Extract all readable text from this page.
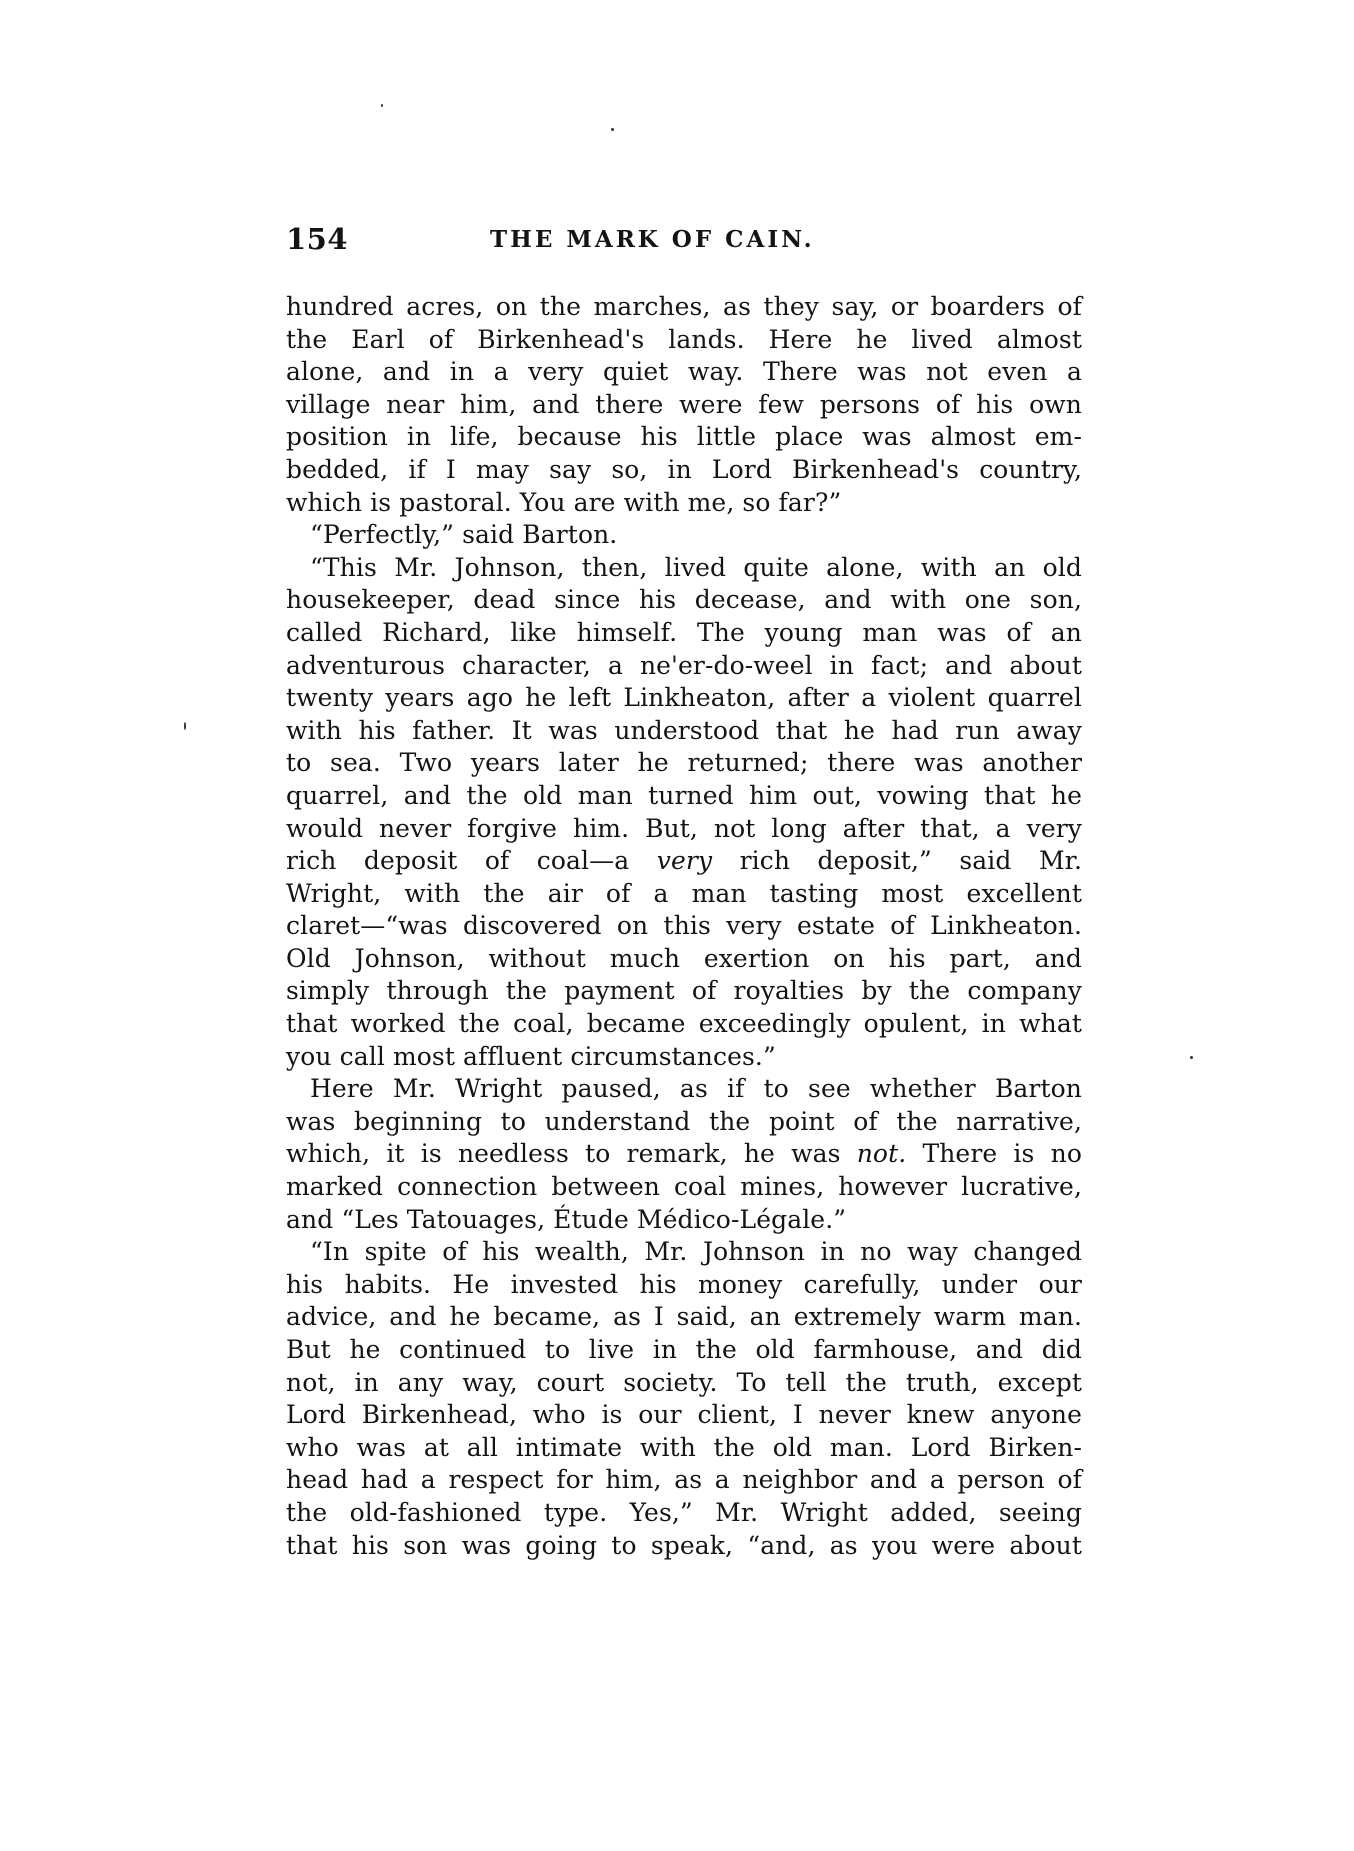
154	THE MARK OF CAIN.
hundred acres, on the marches, as they say, or boarders of
the Earl of Birkenhead's lands. Here he lived almost
alone, and in a very quiet way. There was not even a
village near him, and there were few persons of his own
position in life, because his little place was almost em-
bedded, if I may say so, in Lord Birkenhead's country,
which is pastoral. You are with me, so far?”
“Perfectly,” said Barton.
“This Mr. Johnson, then, lived quite alone, with an old
housekeeper, dead since his decease, and with one son,
called Richard, like himself. The young man was of an
adventurous character, a ne'er-do-weel in fact; and about
twenty years ago he left Linkheaton, after a violent quarrel
with his father. It was understood that he had run away
to sea. Two years later he returned; there was another
quarrel, and the old man turned him out, vowing that he
would never forgive him. But, not long after that, a very
rich deposit of coal—a very rich deposit,” said Mr.
Wright, with the air of a man tasting most excellent
claret—“was discovered on this very estate of Linkheaton.
Old Johnson, without much exertion on his part, and
simply through the payment of royalties by the company
that worked the coal, became exceedingly opulent, in what
you call most affluent circumstances.”
Here Mr. Wright paused, as if to see whether Barton
was beginning to understand the point of the narrative,
which, it is needless to remark, he was not. There is no
marked connection between coal mines, however lucrative,
and “Les Tatouages, Étude Médico-Légale.”
“In spite of his wealth, Mr. Johnson in no way changed
his habits. He invested his money carefully, under our
advice, and he became, as I said, an extremely warm man.
But he continued to live in the old farmhouse, and did
not, in any way, court society. To tell the truth, except
Lord Birkenhead, who is our client, I never knew anyone
who was at all intimate with the old man. Lord Birken-
head had a respect for him, as a neighbor and a person of
the old-fashioned type. Yes,” Mr. Wright added, seeing
that his son was going to speak, “and, as you were about
